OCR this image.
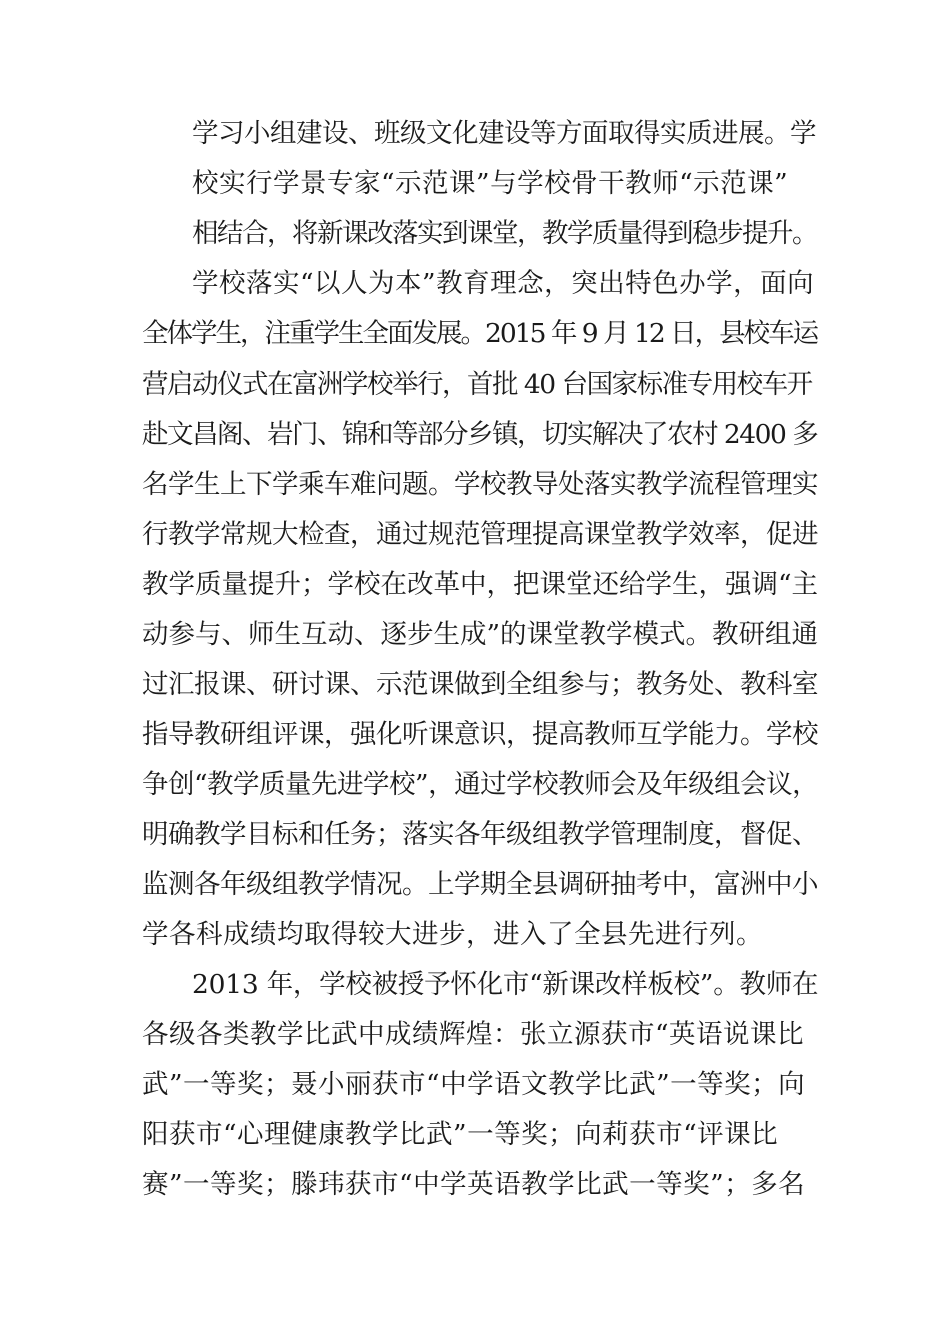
学习小组建设、班级文化建设等方面取得实质进展。学
校实行学景专家“示范课”与学校骨干教师“示范课”
相结合，将新课改落实到课堂，教学质量得到稳步提升。
学校落实“以人为本”教育理念，突出特色办学，面向
全体学生，注重学生全面发展。2015 年 9 月 12 日，县校车运
营启动仪式在富洲学校举行，首批 40 台国家标准专用校车开
赴文昌阁、岩门、锦和等部分乡镇，切实解决了农村 2400 多
名学生上下学乘车难问题。学校教导处落实教学流程管理实
行教学常规大检查，通过规范管理提高课堂教学效率，促进
教学质量提升；学校在改革中，把课堂还给学生，强调“主
动参与、师生互动、逐步生成”的课堂教学模式。教研组通
过汇报课、研讨课、示范课做到全组参与；教务处、教科室
指导教研组评课，强化听课意识，提高教师互学能力。学校
争创“教学质量先进学校”，通过学校教师会及年级组会议，
明确教学目标和任务；落实各年级组教学管理制度，督促、
监测各年级组教学情况。上学期全县调研抽考中，富洲中小
学各科成绩均取得较大进步，进入了全县先进行列。
2013 年，学校被授予怀化市“新课改样板校”。教师在
各级各类教学比武中成绩辉煌：张立源获市“英语说课比
武”一等奖；聂小丽获市“中学语文教学比武”一等奖；向
阳获市“心理健康教学比武”一等奖；向莉获市“评课比
赛”一等奖；滕玮获市“中学英语教学比武一等奖”；多名
